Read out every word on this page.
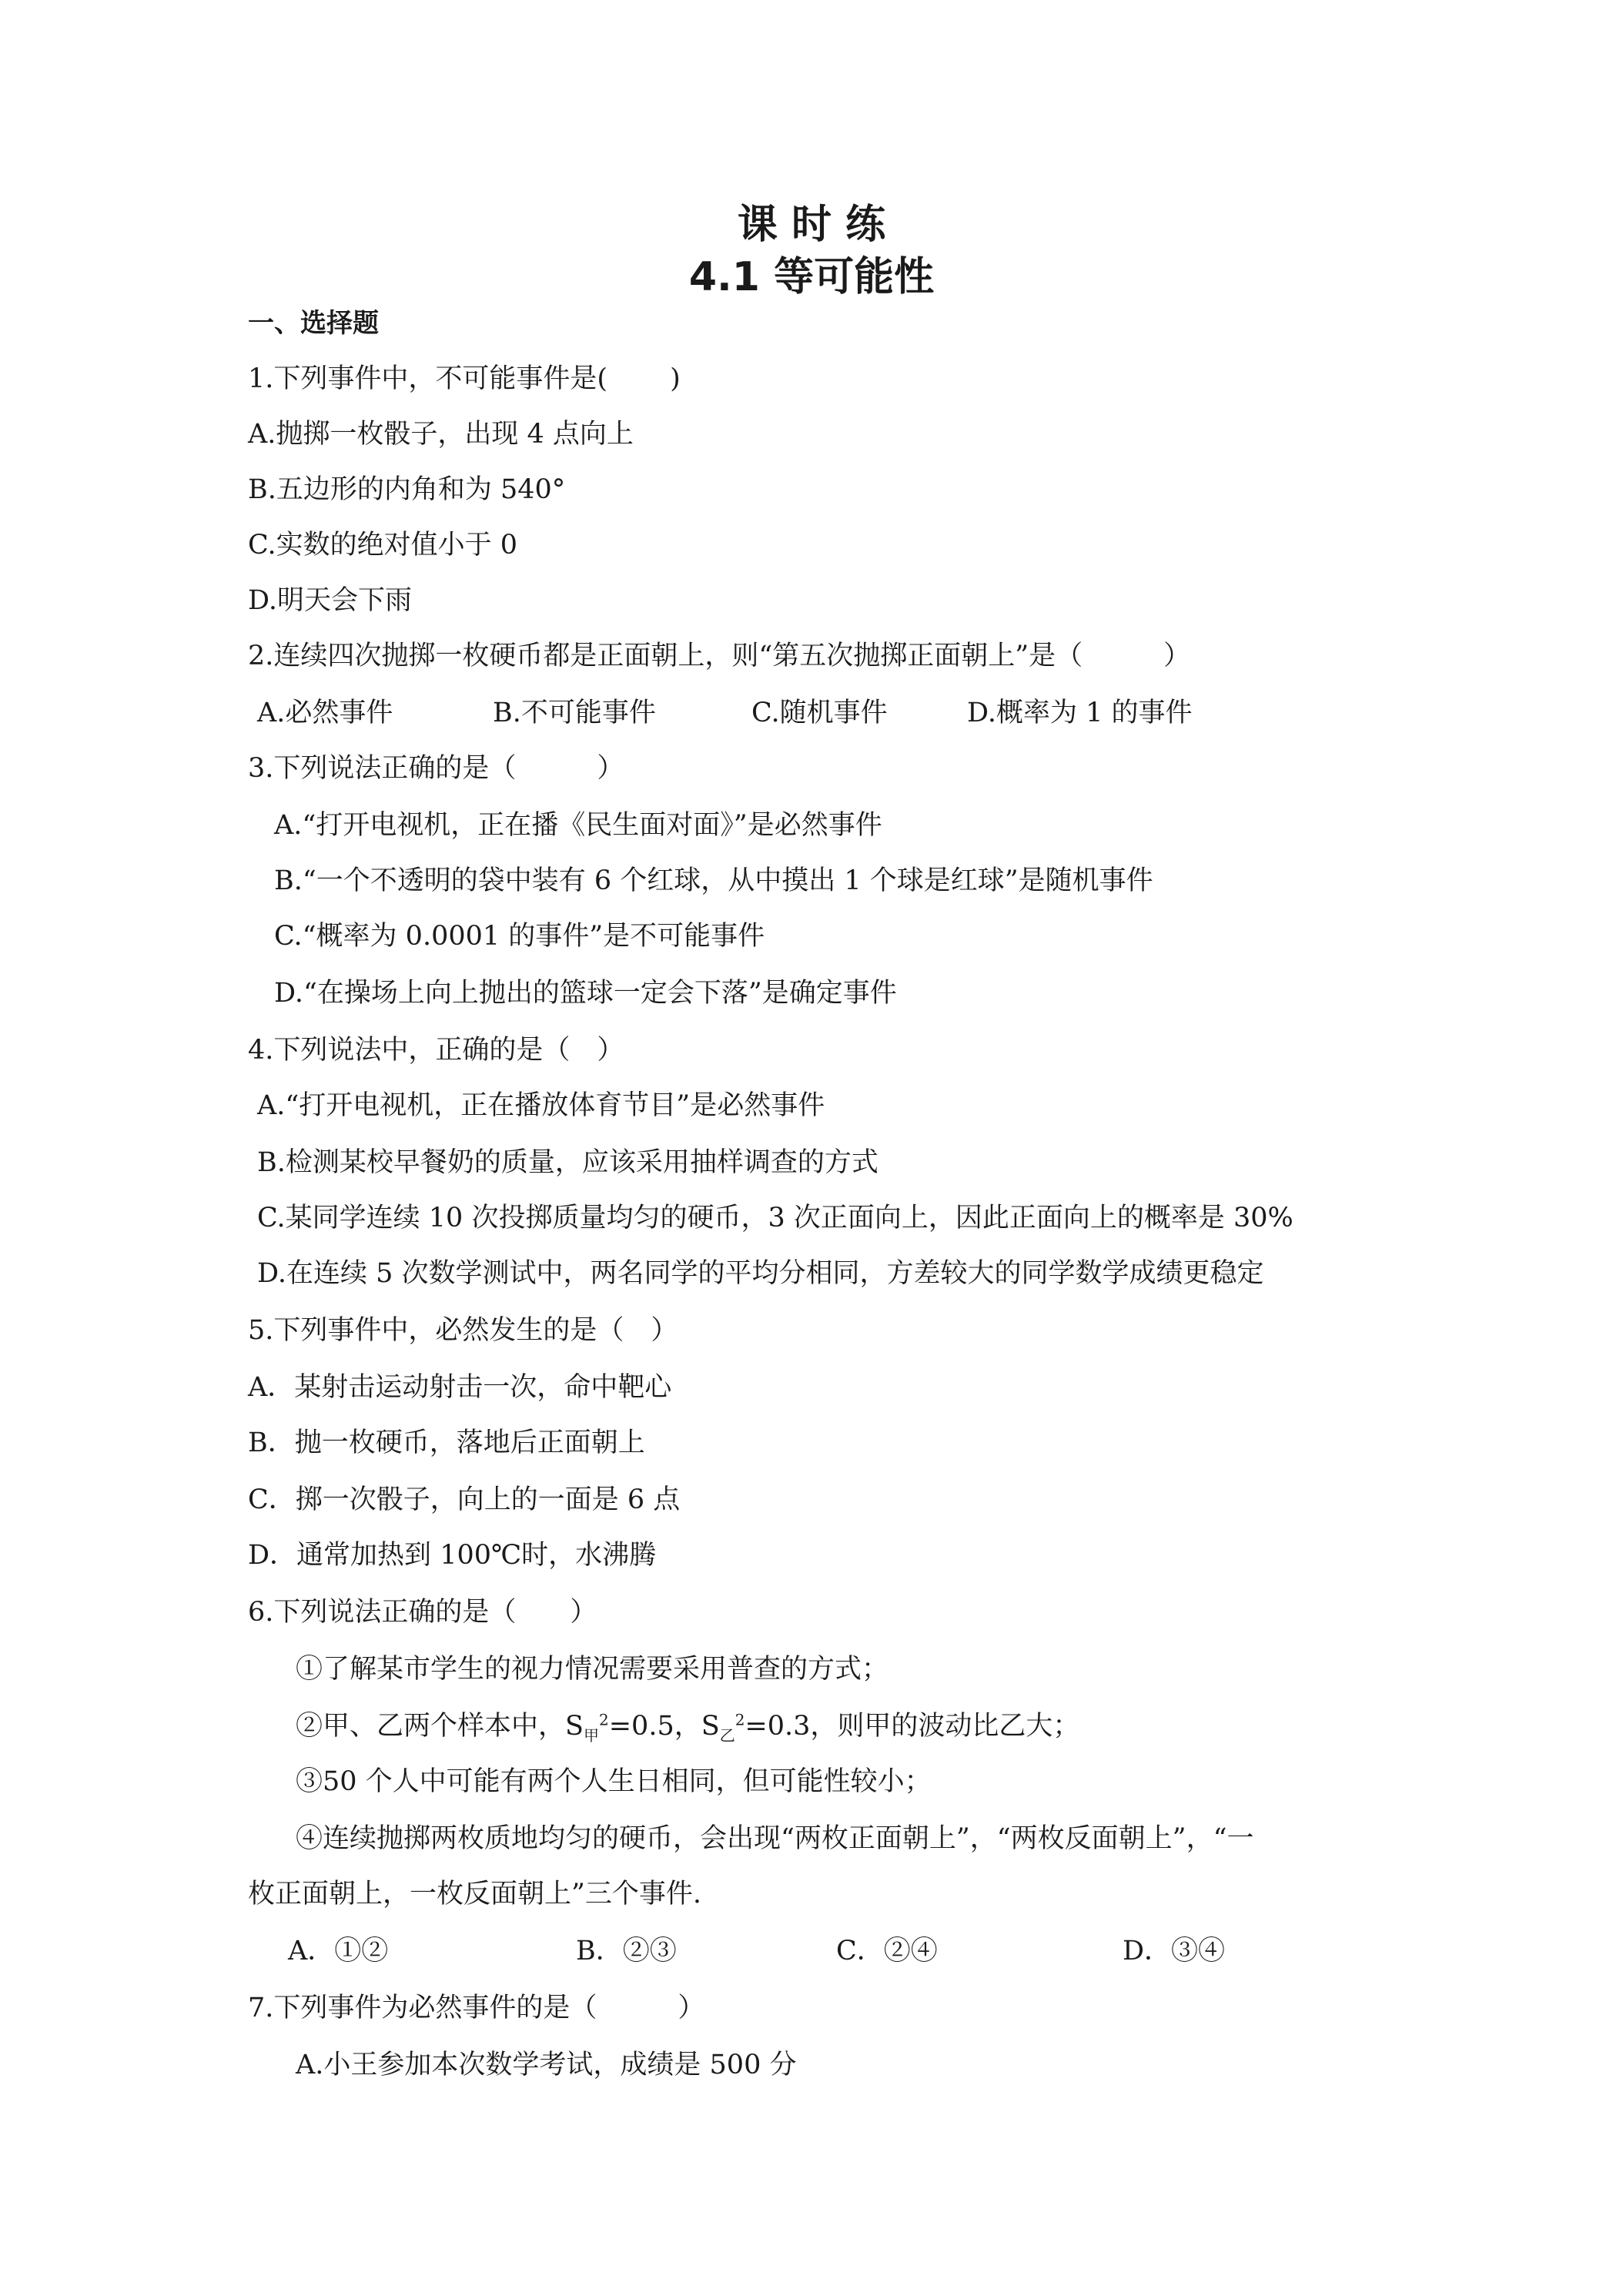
课 时 练
4.1 等可能性
一、选择题
1.下列事件中，不可能事件是(　　 )
A.抛掷一枚骰子，出现 4 点向上
B.五边形的内角和为 540°
C.实数的绝对值小于 0
D.明天会下雨
2.连续四次抛掷一枚硬币都是正面朝上，则“第五次抛掷正面朝上”是（　　　）
A.必然事件	B.不可能事件	C.随机事件	D.概率为 1 的事件
3.下列说法正确的是（　　　）
A.“打开电视机，正在播《民生面对面》”是必然事件
B.“一个不透明的袋中装有 6 个红球，从中摸出 1 个球是红球”是随机事件
C.“概率为 0.0001 的事件”是不可能事件
D.“在操场上向上抛出的篮球一定会下落”是确定事件
4.下列说法中，正确的是（　）
A.“打开电视机，正在播放体育节目”是必然事件
B.检测某校早餐奶的质量，应该采用抽样调查的方式
C.某同学连续 10 次投掷质量均匀的硬币，3 次正面向上，因此正面向上的概率是 30%
D.在连续 5 次数学测试中，两名同学的平均分相同，方差较大的同学数学成绩更稳定
5.下列事件中，必然发生的是（　）
A．某射击运动射击一次，命中靶心
B．抛一枚硬币，落地后正面朝上
C．掷一次骰子，向上的一面是 6 点
D．通常加热到 100℃时，水沸腾
6.下列说法正确的是（　　）
①了解某市学生的视力情况需要采用普查的方式；
②甲、乙两个样本中，$S_甲^2=0.5$，$S_乙^2=0.3$，则甲的波动比乙大；
③50 个人中可能有两个人生日相同，但可能性较小；
④连续抛掷两枚质地均匀的硬币，会出现“两枚正面朝上”，“两枚反面朝上”，“一
枚正面朝上，一枚反面朝上”三个事件.
A．①②	B．②③	C．②④	D．③④
7.下列事件为必然事件的是（　　　）
A.小王参加本次数学考试，成绩是 500 分
